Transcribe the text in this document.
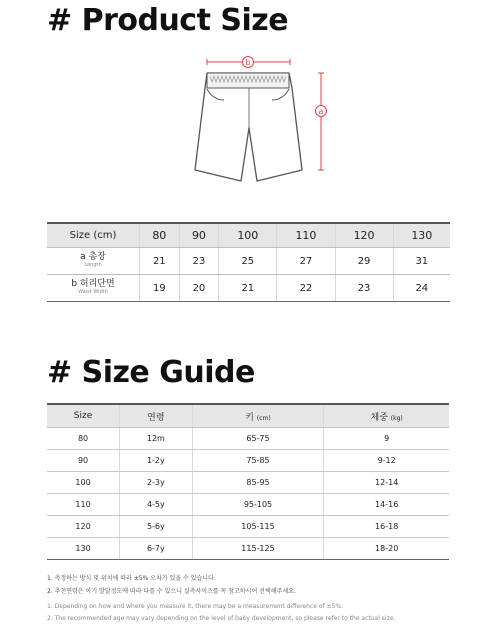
# Product Size
b
a
Size (cm)	80	90	100	110	120	130

a 총장
Length	21	23	25	27	29	31

b 허리단면
Waist Width	19	20	21	22	23	24
# Size Guide
Size	연령	키 (cm)	체중 (kg)
80	12m	65-75	9
90	1-2y	75-85	9-12
100	2-3y	85-95	12-14
110	4-5y	95-105	14-16
120	5-6y	105-115	16-18
130	6-7y	115-125	18-20
1. 측정하는 방식 및 위치에 따라 ±5% 오차가 있을 수 있습니다.
2. 추천연령은 아기 발달정도에 따라 다를 수 있으니 실측사이즈를 꼭 참고하시어 선택해주세요.
1. Depending on how and where you measure it, there may be a measurement difference of ±5%.
2. The recommended age may vary depending on the level of baby development, so please refer to the actual size.
